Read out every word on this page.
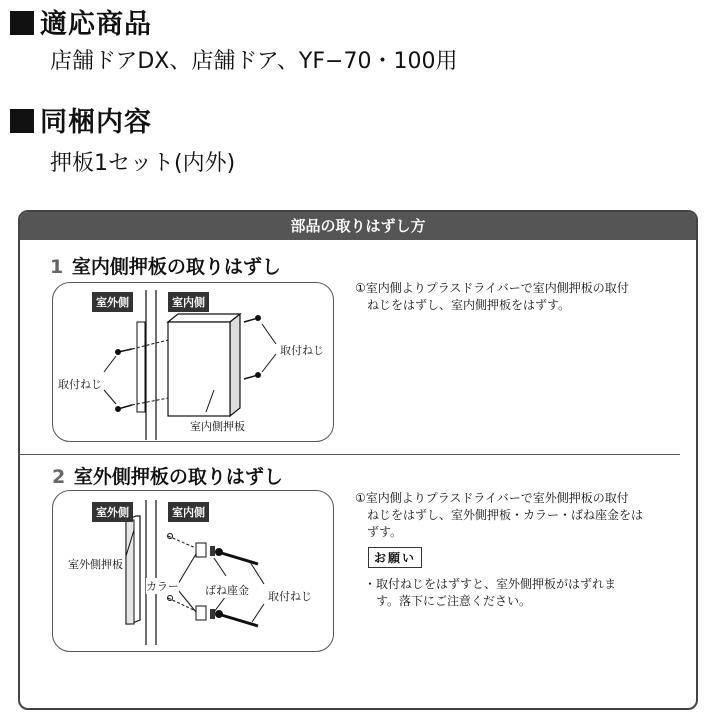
適応商品
店舗ドアDX、店舗ドア、YF−70・100用
同梱内容
押板1セット(内外)
部品の取りはずし方
1 室内側押板の取りはずし
室外側	室内側
取付ねじ
取付ねじ
室内側押板
①室内側よりプラスドライバーで室内側押板の取付
ねじをはずし、室内側押板をはずす。
2 室外側押板の取りはずし
室外側	室内側
室外側押板
カラー ばね座金 取付ねじ
①室内側よりプラスドライバーで室外側押板の取付
ねじをはずし、室外側押板・カラー・ばね座金をは
ずす。
お願い
・取付ねじをはずすと、室外側押板がはずれま
す。落下にご注意ください。
